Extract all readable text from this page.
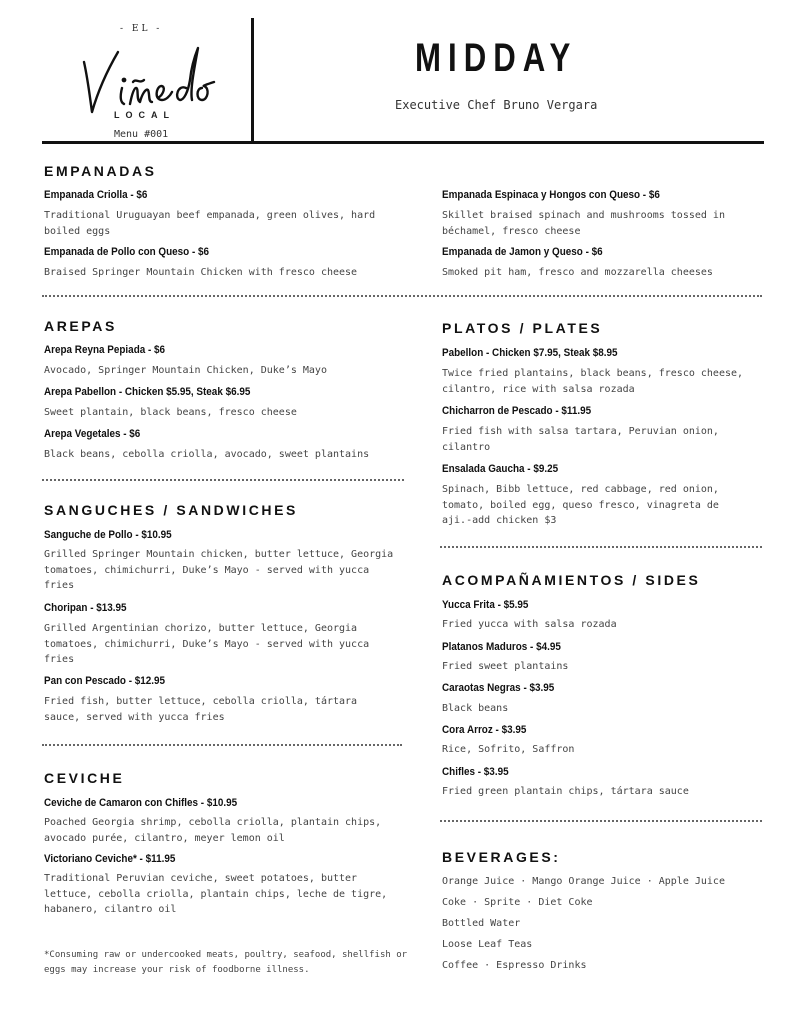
- EL -
LOCAL
Menu #001
MIDDAY
Executive Chef Bruno Vergara
EMPANADAS
Empanada Criolla - $6
Traditional Uruguayan beef empanada, green olives, hard boiled eggs
Empanada de Pollo con Queso - $6
Braised Springer Mountain Chicken with fresco cheese
Empanada Espinaca y Hongos con Queso - $6
Skillet braised spinach and mushrooms tossed in béchamel, fresco cheese
Empanada de Jamon y Queso - $6
Smoked pit ham, fresco and mozzarella cheeses
AREPAS
Arepa Reyna Pepiada - $6
Avocado, Springer Mountain Chicken, Duke’s Mayo
Arepa Pabellon - Chicken $5.95, Steak $6.95
Sweet plantain, black beans, fresco cheese
Arepa Vegetales - $6
Black beans, cebolla criolla, avocado, sweet plantains
SANGUCHES / SANDWICHES
Sanguche de Pollo - $10.95
Grilled Springer Mountain chicken, butter lettuce, Georgia tomatoes, chimichurri, Duke’s Mayo - served with yucca fries
Choripan - $13.95
Grilled Argentinian chorizo, butter lettuce, Georgia tomatoes, chimichurri, Duke’s Mayo - served with yucca fries
Pan con Pescado - $12.95
Fried fish, butter lettuce, cebolla criolla, tártara sauce, served with yucca fries
CEVICHE
Ceviche de Camaron con Chifles - $10.95
Poached Georgia shrimp, cebolla criolla, plantain chips, avocado purée, cilantro, meyer lemon oil
Victoriano Ceviche* - $11.95
Traditional Peruvian ceviche, sweet potatoes, butter lettuce, cebolla criolla, plantain chips, leche de tigre, habanero, cilantro oil
*Consuming raw or undercooked meats, poultry, seafood, shellfish or eggs may increase your risk of foodborne illness.
PLATOS / PLATES
Pabellon - Chicken $7.95, Steak $8.95
Twice fried plantains, black beans, fresco cheese, cilantro, rice with salsa rozada
Chicharron de Pescado - $11.95
Fried fish with salsa tartara, Peruvian onion, cilantro
Ensalada Gaucha - $9.25
Spinach, Bibb lettuce, red cabbage, red onion, tomato, boiled egg, queso fresco, vinagreta de aji.-add chicken $3
ACOMPAÑAMIENTOS / SIDES
Yucca Frita - $5.95
Fried yucca with salsa rozada
Platanos Maduros - $4.95
Fried sweet plantains
Caraotas Negras - $3.95
Black beans
Cora Arroz - $3.95
Rice, Sofrito, Saffron
Chifles - $3.95
Fried green plantain chips, tártara sauce
BEVERAGES:
Orange Juice · Mango Orange Juice · Apple Juice
Coke · Sprite · Diet Coke
Bottled Water
Loose Leaf Teas
Coffee · Espresso Drinks
